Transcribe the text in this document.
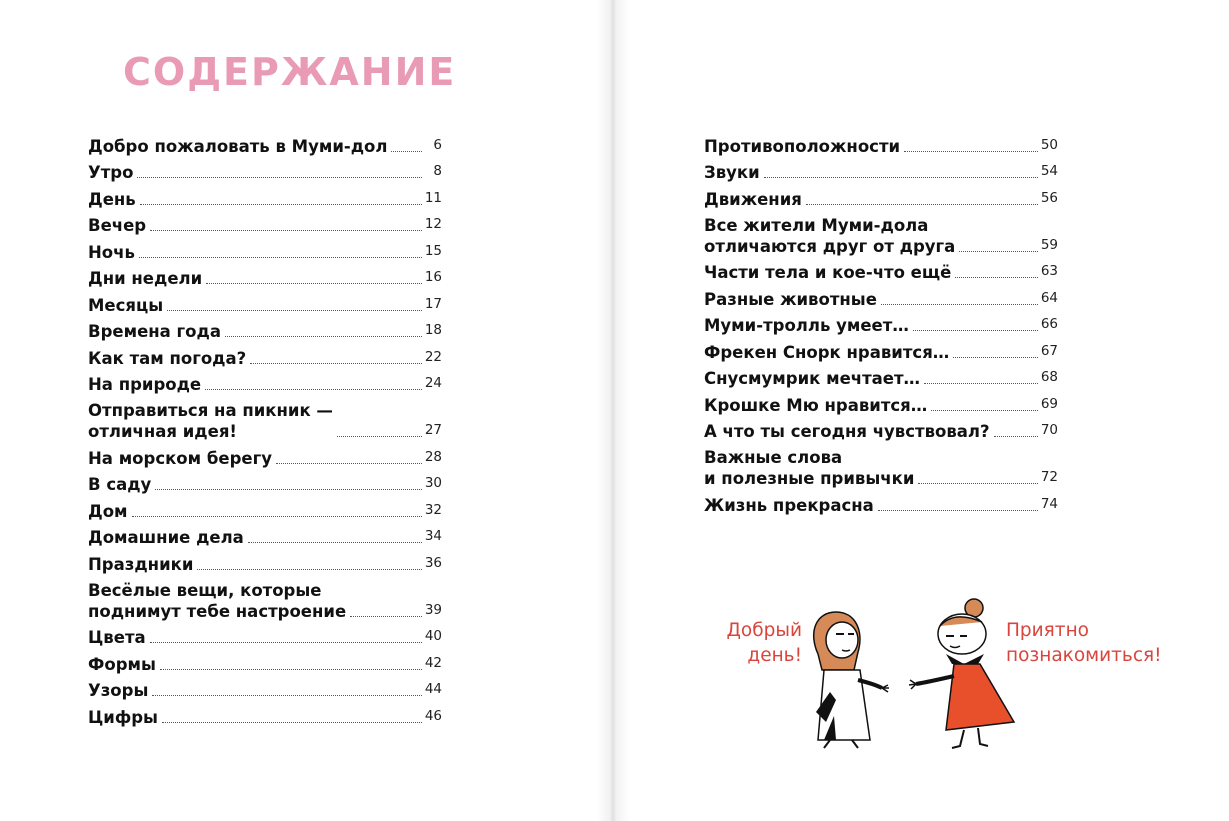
СОДЕРЖАНИЕ
Добро пожаловать в Муми-дол	6
Утро	8
День	11
Вечер	12
Ночь	15
Дни недели	16
Месяцы	17
Времена года	18
Как там погода?	22
На природе	24
Отправиться на пикник —
отличная идея!	27
На морском берегу	28
В саду	30
Дом	32
Домашние дела	34
Праздники	36
Весёлые вещи, которые
поднимут тебе настроение	39
Цвета	40
Формы	42
Узоры	44
Цифры	46
Противоположности	50
Звуки	54
Движения	56
Все жители Муми-дола
отличаются друг от друга	59
Части тела и кое-что ещё	63
Разные животные	64
Муми-тролль умеет…	66
Фрекен Снорк нравится…	67
Снусмумрик мечтает…	68
Крошке Мю нравится…	69
А что ты сегодня чувствовал?	70
Важные слова
и полезные привычки	72
Жизнь прекрасна	74

Добрый
день!

Приятно
познакомиться!
